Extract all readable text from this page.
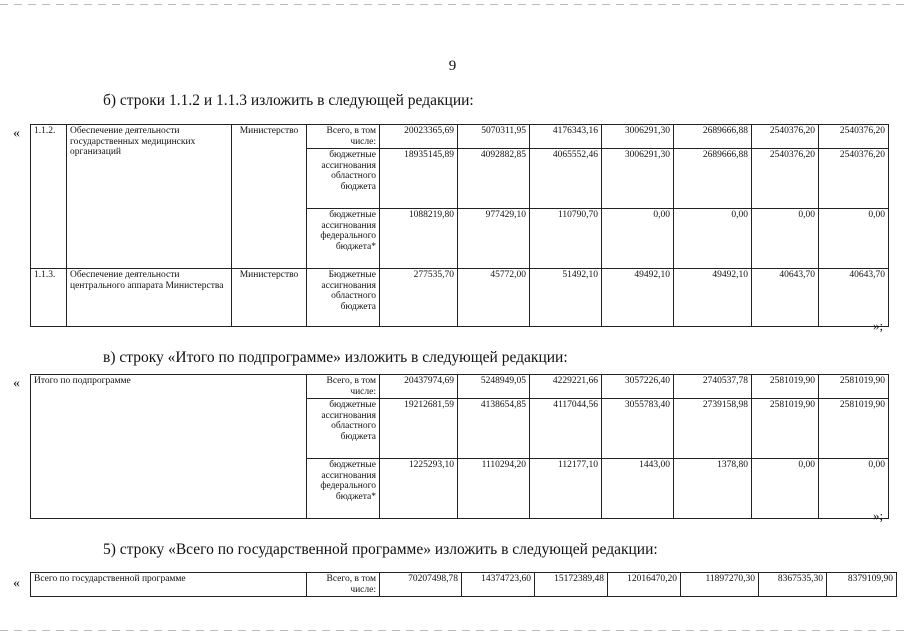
9
б) строки 1.1.2 и 1.1.3 изложить в следующей редакции:
« 1.1.2.	Обеспечение деятельности государственных медицинских организаций	Министерство	Всего, в том числе:	20023365,69	5070311,95	4176343,16	3006291,30	2689666,88	2540376,20	2540376,20
			бюджетные ассигнования областного бюджета	18935145,89	4092882,85	4065552,46	3006291,30	2689666,88	2540376,20	2540376,20
			бюджетные ассигнования федерального бюджета*	1088219,80	977429,10	110790,70	0,00	0,00	0,00	0,00
1.1.3.	Обеспечение деятельности центрального аппарата Министерства	Министерство	Бюджетные ассигнования областного бюджета	277535,70	45772,00	51492,10	49492,10	49492,10	40643,70	40643,70
»;
в) строку «Итого по подпрограмме» изложить в следующей редакции:
« Итого по подпрограмме	Всего, в том числе:	20437974,69	5248949,05	4229221,66	3057226,40	2740537,78	2581019,90	2581019,90
	бюджетные ассигнования областного бюджета	19212681,59	4138654,85	4117044,56	3055783,40	2739158,98	2581019,90	2581019,90
	бюджетные ассигнования федерального бюджета*	1225293,10	1110294,20	112177,10	1443,00	1378,80	0,00	0,00
»;
5) строку «Всего по государственной программе» изложить в следующей редакции:
« Всего по государственной программе	Всего, в том числе:	70207498,78	14374723,60	15172389,48	12016470,20	11897270,30	8367535,30	8379109,90
